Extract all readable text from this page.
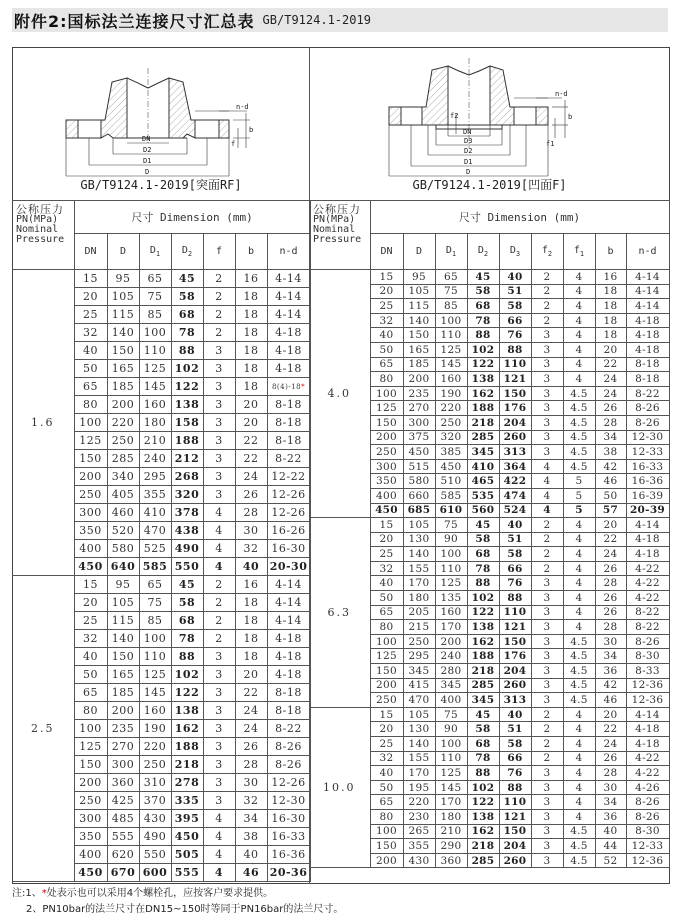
附件2:国标法兰连接尺寸汇总表 GB/T9124.1-2019
DN
D2
D1
D
n-d
b
f
GB/T9124.1-2019[突面RF]
DN
D3
D2
D1
D
n-d
b
f2
f1
GB/T9124.1-2019[凹面F]
公称压力
PN(MPa)
Nominal
Pressure	尺寸 Dimension (mm)						
	DN	D	$D_1$	$D_2$	f	b	n-d
1.6	15	95	65	45	2	16	4-14
	20	105	75	58	2	18	4-14
	25	115	85	68	2	18	4-14
	32	140	100	78	2	18	4-18
	40	150	110	88	3	18	4-18
	50	165	125	102	3	18	4-18
	65	185	145	122	3	18	8(4)-18*
	80	200	160	138	3	20	8-18
	100	220	180	158	3	20	8-18
	125	250	210	188	3	22	8-18
	150	285	240	212	3	22	8-22
	200	340	295	268	3	24	12-22
	250	405	355	320	3	26	12-26
	300	460	410	378	4	28	12-26
	350	520	470	438	4	30	16-26
	400	580	525	490	4	32	16-30
	450	640	585	550	4	40	20-30
2.5	15	95	65	45	2	16	4-14
	20	105	75	58	2	18	4-14
	25	115	85	68	2	18	4-14
	32	140	100	78	2	18	4-18
	40	150	110	88	3	18	4-18
	50	165	125	102	3	20	4-18
	65	185	145	122	3	22	8-18
	80	200	160	138	3	24	8-18
	100	235	190	162	3	24	8-22
	125	270	220	188	3	26	8-26
	150	300	250	218	3	28	8-26
	200	360	310	278	3	30	12-26
	250	425	370	335	3	32	12-30
	300	485	430	395	4	34	16-30
	350	555	490	450	4	38	16-33
	400	620	550	505	4	40	16-36
	450	670	600	555	4	46	20-36
公称压力
PN(MPa)
Nominal
Pressure	尺寸 Dimension (mm)								
	DN	D	$D_1$	$D_2$	$D_3$	$f_2$	$f_1$	b	n-d
4.0	15	95	65	45	40	2	4	16	4-14
	20	105	75	58	51	2	4	18	4-14
	25	115	85	68	58	2	4	18	4-14
	32	140	100	78	66	2	4	18	4-18
	40	150	110	88	76	3	4	18	4-18
	50	165	125	102	88	3	4	20	4-18
	65	185	145	122	110	3	4	22	8-18
	80	200	160	138	121	3	4	24	8-18
	100	235	190	162	150	3	4.5	24	8-22
	125	270	220	188	176	3	4.5	26	8-26
	150	300	250	218	204	3	4.5	28	8-26
	200	375	320	285	260	3	4.5	34	12-30
	250	450	385	345	313	3	4.5	38	12-33
	300	515	450	410	364	4	4.5	42	16-33
	350	580	510	465	422	4	5	46	16-36
	400	660	585	535	474	4	5	50	16-39
	450	685	610	560	524	4	5	57	20-39
6.3	15	105	75	45	40	2	4	20	4-14
	20	130	90	58	51	2	4	22	4-18
	25	140	100	68	58	2	4	24	4-18
	32	155	110	78	66	2	4	26	4-22
	40	170	125	88	76	3	4	28	4-22
	50	180	135	102	88	3	4	26	4-22
	65	205	160	122	110	3	4	26	8-22
	80	215	170	138	121	3	4	28	8-22
	100	250	200	162	150	3	4.5	30	8-26
	125	295	240	188	176	3	4.5	34	8-30
	150	345	280	218	204	3	4.5	36	8-33
	200	415	345	285	260	3	4.5	42	12-36
	250	470	400	345	313	3	4.5	46	12-36
10.0	15	105	75	45	40	2	4	20	4-14
	20	130	90	58	51	2	4	22	4-18
	25	140	100	68	58	2	4	24	4-18
	32	155	110	78	66	2	4	26	4-22
	40	170	125	88	76	3	4	28	4-22
	50	195	145	102	88	3	4	30	4-26
	65	220	170	122	110	3	4	34	8-26
	80	230	180	138	121	3	4	36	8-26
	100	265	210	162	150	3	4.5	40	8-30
	150	355	290	218	204	3	4.5	44	12-33
	200	430	360	285	260	3	4.5	52	12-36
注:1、*处表示也可以采用4个螺栓孔，应按客户要求提供。
2、PN10bar的法兰尺寸在DN15~150时等同于PN16bar的法兰尺寸。
